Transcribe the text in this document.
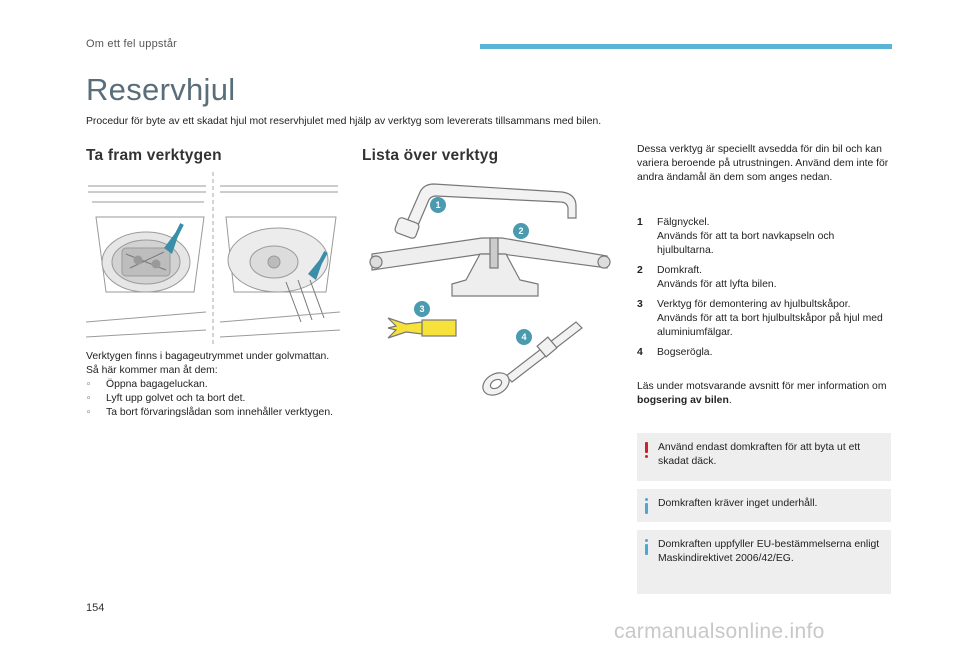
Om ett fel uppstår
Reservhjul
Procedur för byte av ett skadat hjul mot reservhjulet med hjälp av verktyg som levererats tillsammans med bilen.
Ta fram verktygen
Verktygen finns i bagageutrymmet under golvmattan.
Så här kommer man åt dem:
◦ Öppna bagageluckan.
◦ Lyft upp golvet och ta bort det.
◦ Ta bort förvaringslådan som innehåller verktygen.
Lista över verktyg
1
2
3
4
Dessa verktyg är speciellt avsedda för din bil och kan variera beroende på utrustningen. Använd dem inte för andra ändamål än dem som anges nedan.
1 Fälgnyckel.
Används för att ta bort navkapseln och hjulbultarna.
2 Domkraft.
Används för att lyfta bilen.
3 Verktyg för demontering av hjulbultskåpor.
Används för att ta bort hjulbultskåpor på hjul med aluminiumfälgar.
4 Bogserögla.
Läs under motsvarande avsnitt för mer information om bogsering av bilen.
Använd endast domkraften för att byta ut ett skadat däck.
Domkraften kräver inget underhåll.
Domkraften uppfyller EU-bestämmelserna enligt Maskindirektivet 2006/42/EG.
154
carmanualsonline.info
